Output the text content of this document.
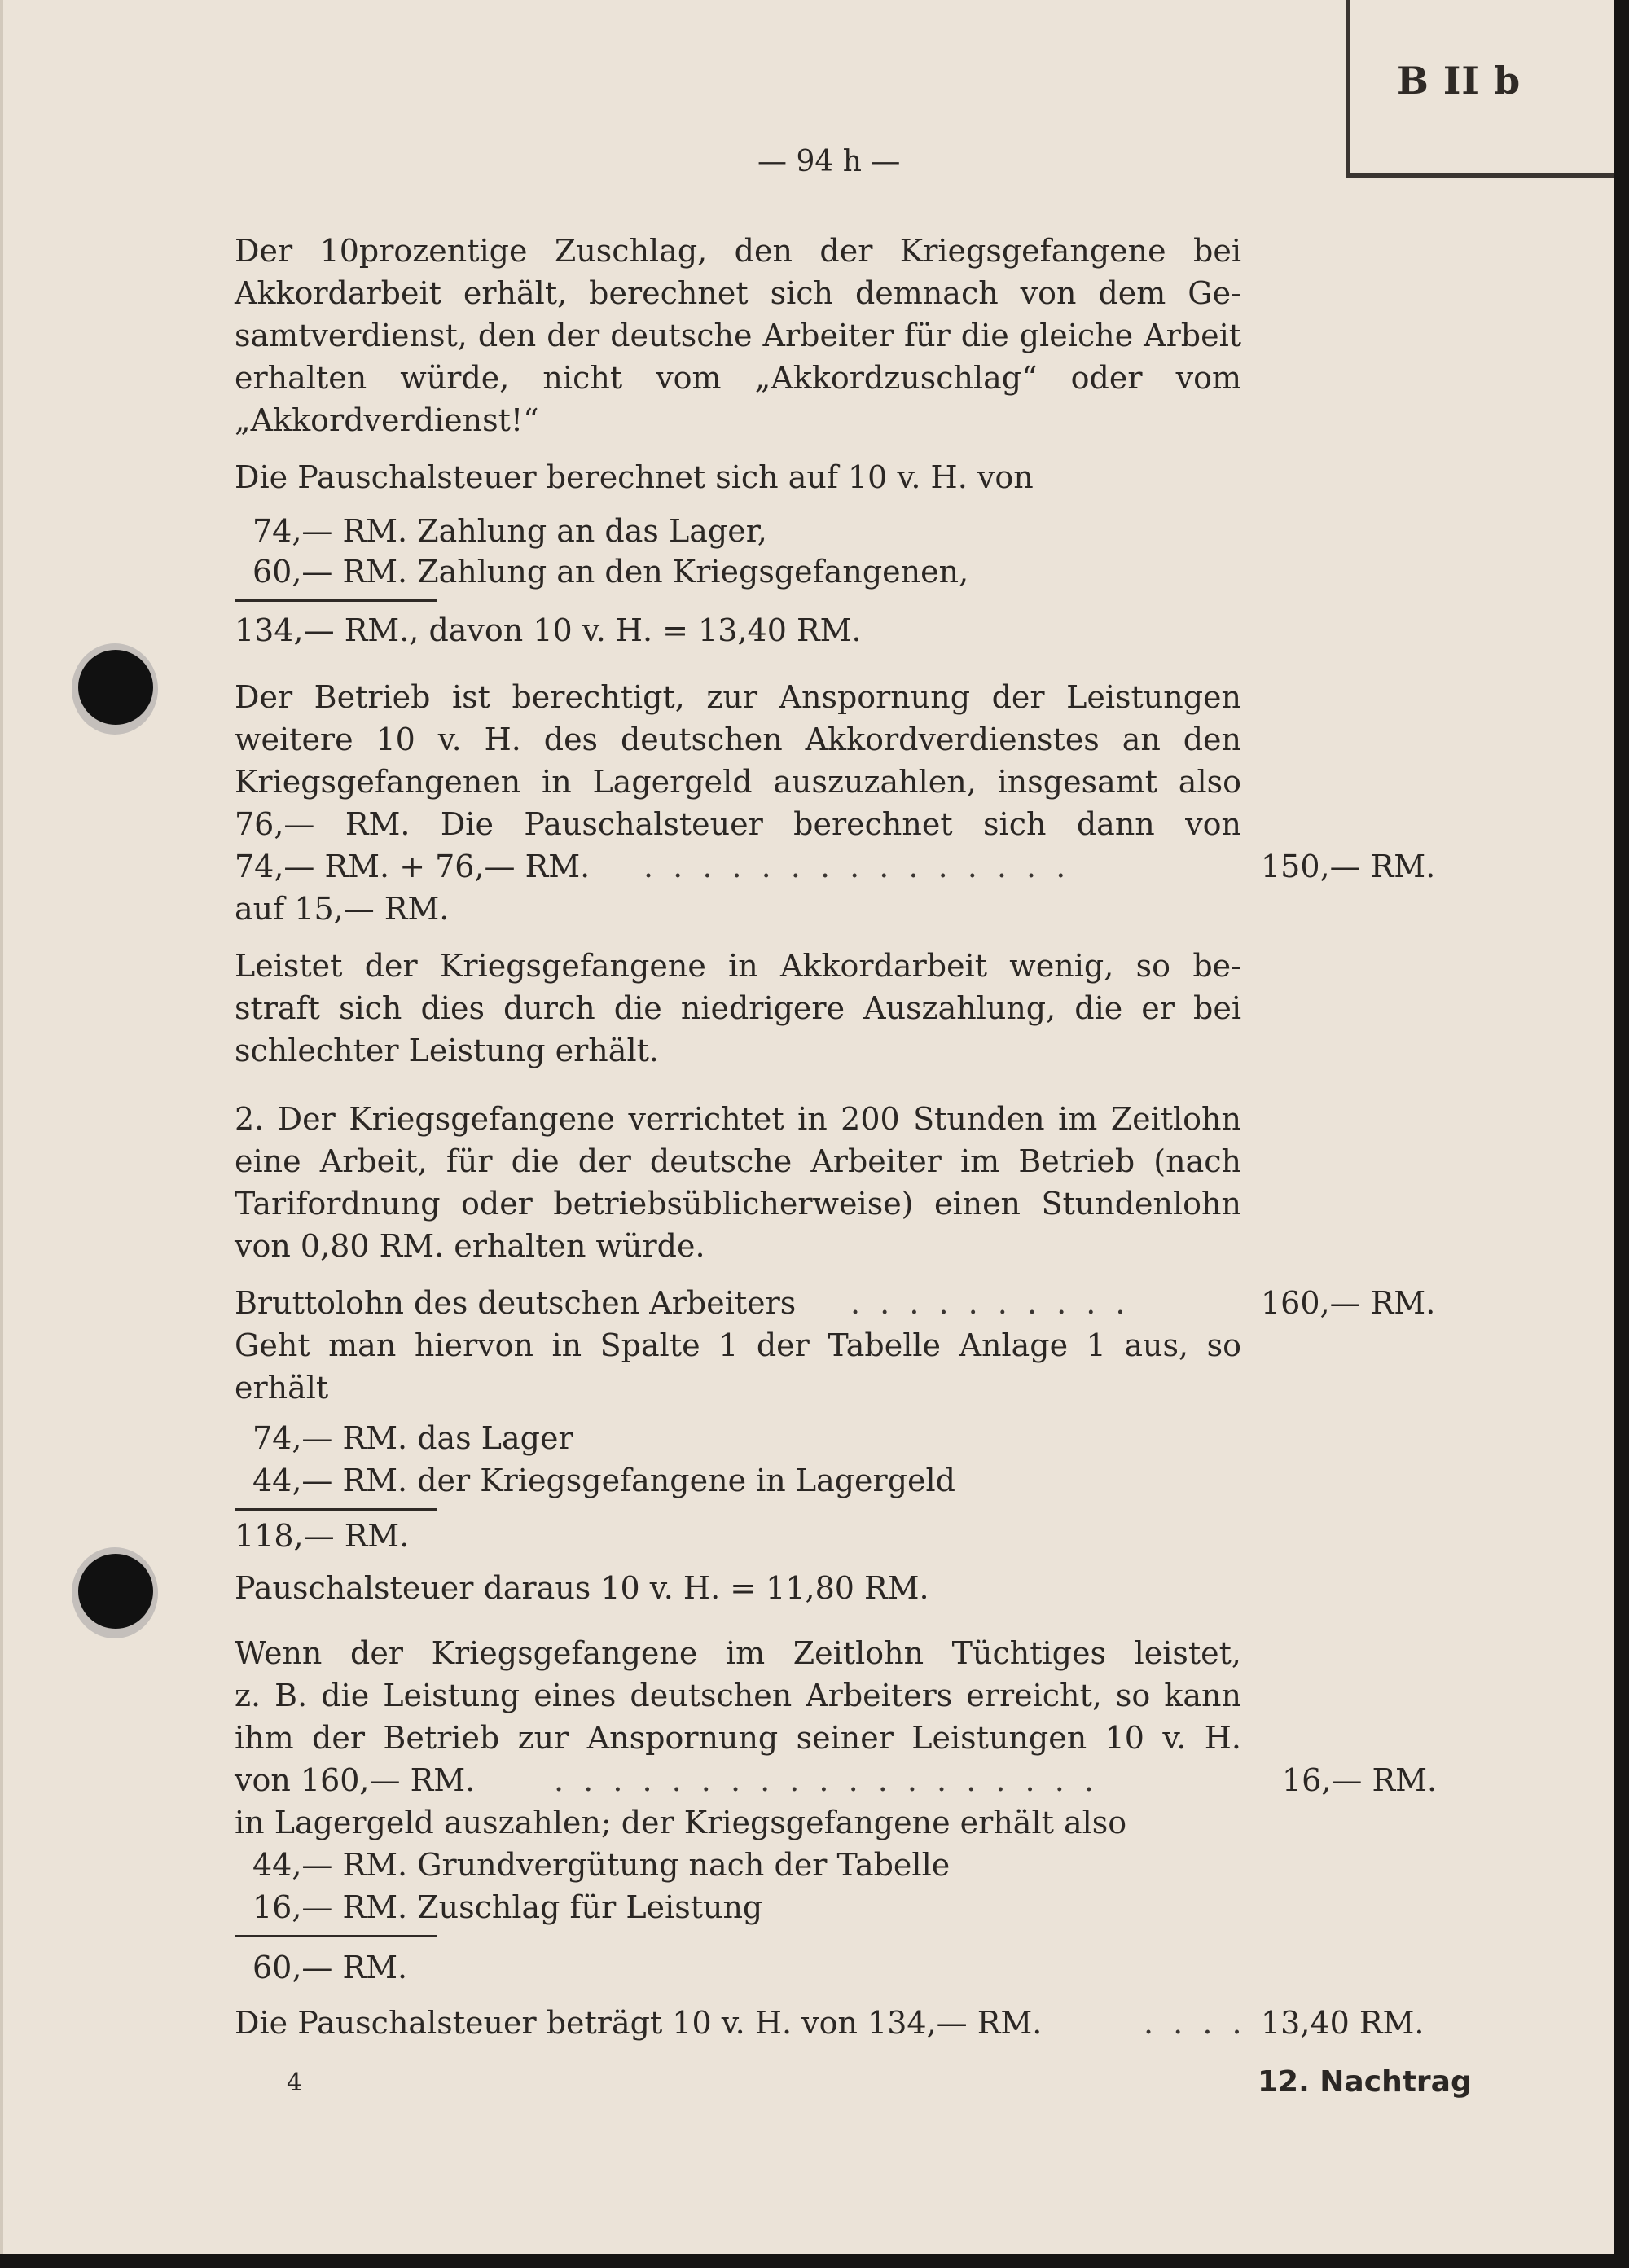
B II b
— 94 h —
Der 10prozentige Zuschlag, den der Kriegsgefangene bei
Akkordarbeit erhält, berechnet sich demnach von dem Ge-
samtverdienst, den der deutsche Arbeiter für die gleiche Arbeit
erhalten würde, nicht vom „Akkordzuschlag“ oder vom
„Akkordverdienst!“
Die Pauschalsteuer berechnet sich auf 10 v. H. von
74,— RM. Zahlung an das Lager,
60,— RM. Zahlung an den Kriegsgefangenen,
134,— RM., davon 10 v. H. = 13,40 RM.
Der Betrieb ist berechtigt, zur Anspornung der Leistungen
weitere 10 v. H. des deutschen Akkordverdienstes an den
Kriegsgefangenen in Lagergeld auszuzahlen, insgesamt also
76,— RM. Die Pauschalsteuer berechnet sich dann von
74,— RM. + 76,— RM. . . . . . . . . . . . . . . .	150,— RM.
auf 15,— RM.
Leistet der Kriegsgefangene in Akkordarbeit wenig, so be-
straft sich dies durch die niedrigere Auszahlung, die er bei
schlechter Leistung erhält.
2. Der Kriegsgefangene verrichtet in 200 Stunden im Zeitlohn
eine Arbeit, für die der deutsche Arbeiter im Betrieb (nach
Tarifordnung oder betriebsüblicherweise) einen Stundenlohn
von 0,80 RM. erhalten würde.
Bruttolohn des deutschen Arbeiters . . . . . . . . . .	160,— RM.
Geht man hiervon in Spalte 1 der Tabelle Anlage 1 aus, so
erhält
74,— RM. das Lager
44,— RM. der Kriegsgefangene in Lagergeld
118,— RM.
Pauschalsteuer daraus 10 v. H. = 11,80 RM.
Wenn der Kriegsgefangene im Zeitlohn Tüchtiges leistet,
z. B. die Leistung eines deutschen Arbeiters erreicht, so kann
ihm der Betrieb zur Anspornung seiner Leistungen 10 v. H.
von 160,— RM.	. . . . . . . . . . . . . . . . . . .	16,— RM.
in Lagergeld auszahlen; der Kriegsgefangene erhält also
44,— RM. Grundvergütung nach der Tabelle
16,— RM. Zuschlag für Leistung
60,— RM.
Die Pauschalsteuer beträgt 10 v. H. von 134,— RM.	. . . . 13,40 RM.
4	12. Nachtrag
